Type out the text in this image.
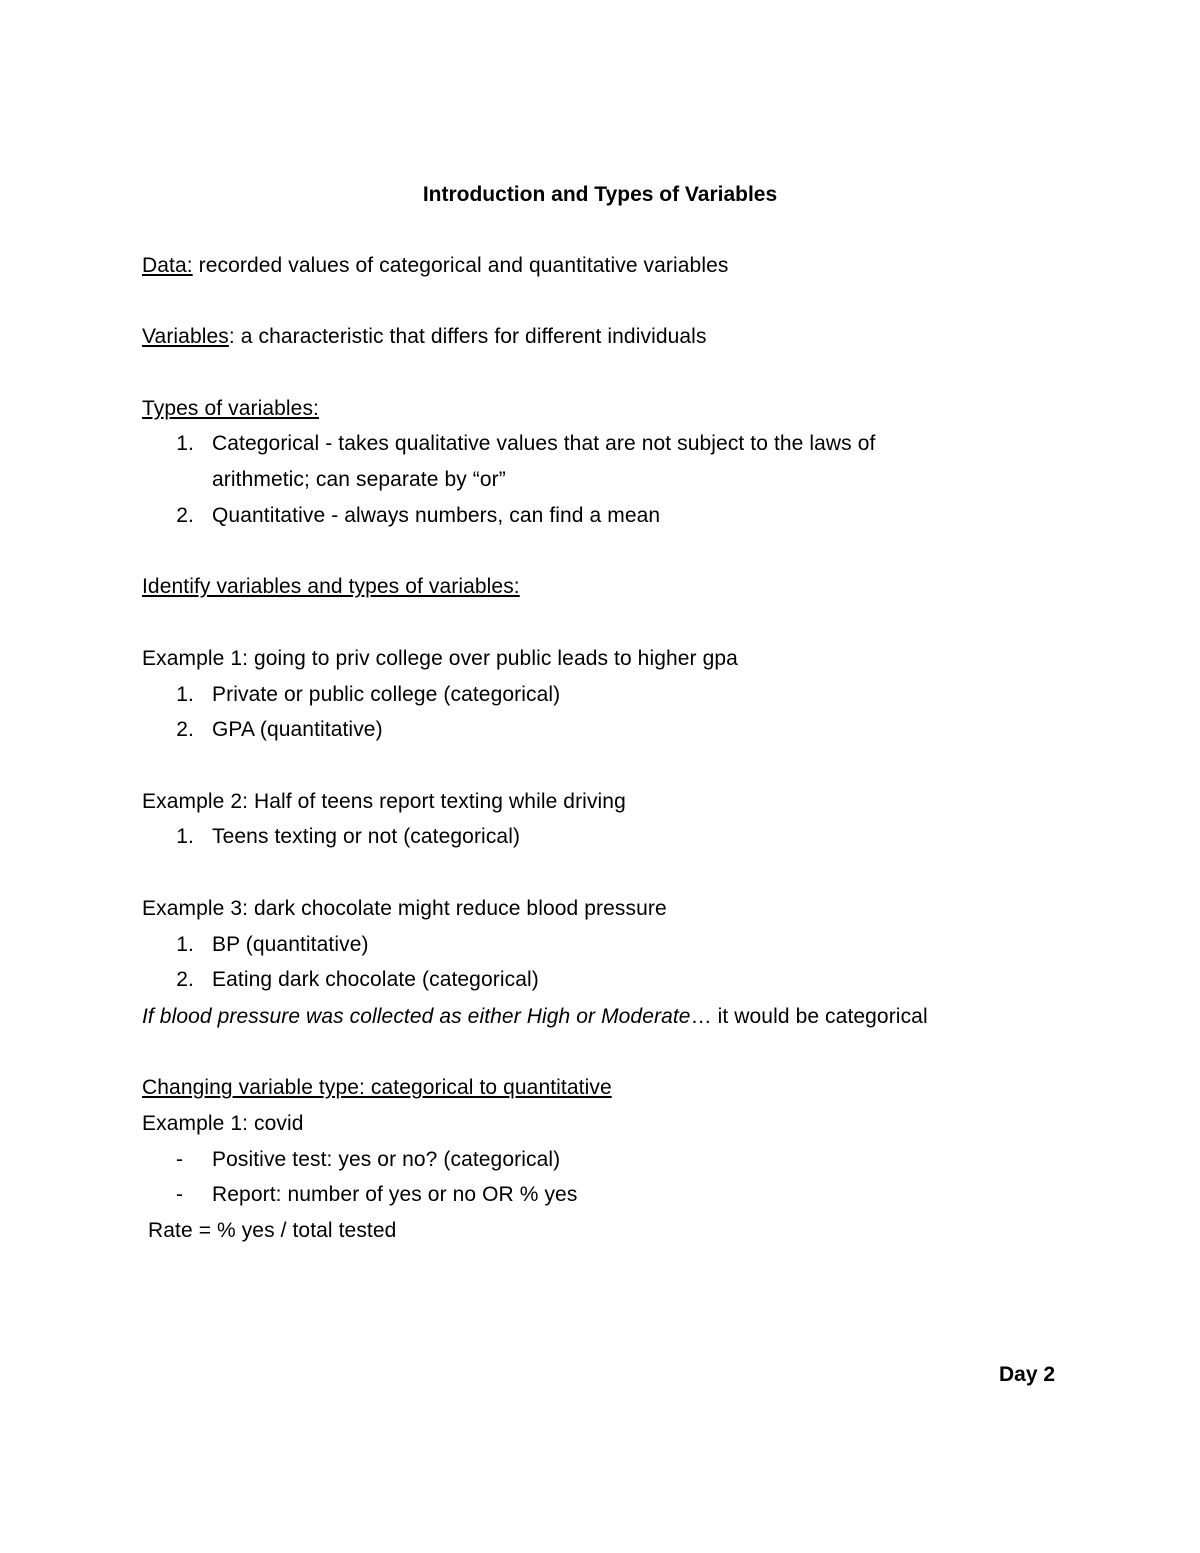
Introduction and Types of Variables
Data: recorded values of categorical and quantitative variables
Variables: a characteristic that differs for different individuals
Types of variables:
1. Categorical - takes qualitative values that are not subject to the laws of
arithmetic; can separate by “or”
2. Quantitative - always numbers, can find a mean
Identify variables and types of variables:
Example 1: going to priv college over public leads to higher gpa
1. Private or public college (categorical)
2. GPA (quantitative)
Example 2: Half of teens report texting while driving
1. Teens texting or not (categorical)
Example 3: dark chocolate might reduce blood pressure
1. BP (quantitative)
2. Eating dark chocolate (categorical)
If blood pressure was collected as either High or Moderate… it would be categorical
Changing variable type: categorical to quantitative
Example 1: covid
- Positive test: yes or no? (categorical)
- Report: number of yes or no OR % yes
Rate = % yes / total tested
Day 2
